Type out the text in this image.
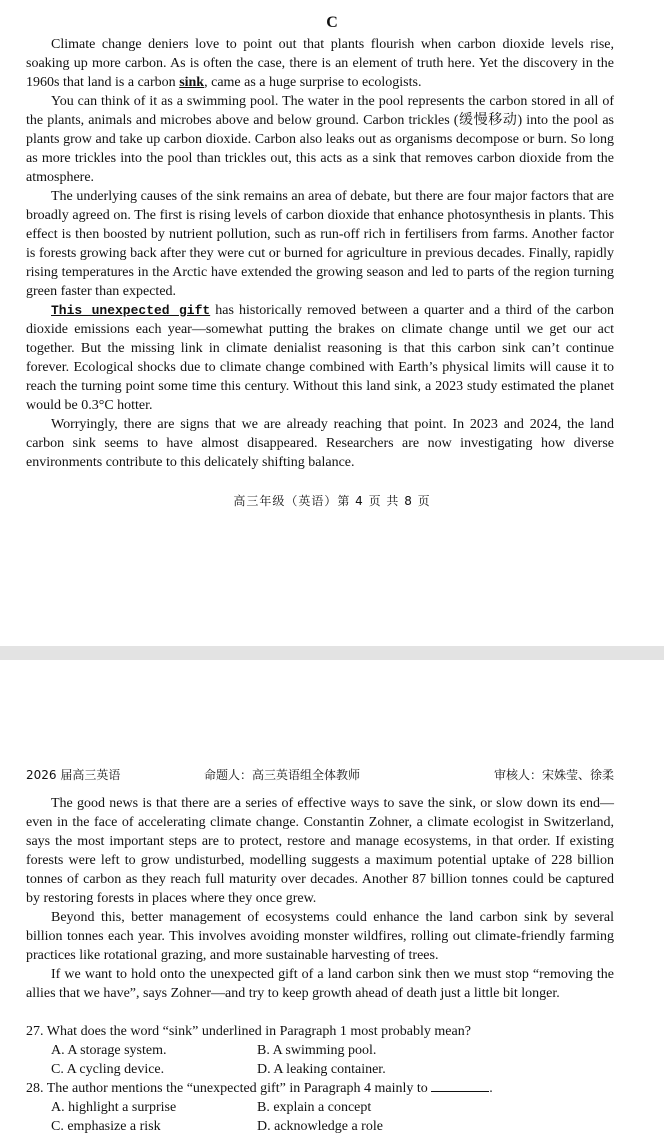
C

Climate change deniers love to point out that plants flourish when carbon dioxide levels rise, soaking up more carbon. As is often the case, there is an element of truth here. Yet the discovery in the 1960s that land is a carbon sink, came as a huge surprise to ecologists.

You can think of it as a swimming pool. The water in the pool represents the carbon stored in all of the plants, animals and microbes above and below ground. Carbon trickles (缓慢移动) into the pool as plants grow and take up carbon dioxide. Carbon also leaks out as organisms decompose or burn. So long as more trickles into the pool than trickles out, this acts as a sink that removes carbon dioxide from the atmosphere.

The underlying causes of the sink remains an area of debate, but there are four major factors that are broadly agreed on. The first is rising levels of carbon dioxide that enhance photosynthesis in plants. This effect is then boosted by nutrient pollution, such as run-off rich in fertilisers from farms. Another factor is forests growing back after they were cut or burned for agriculture in previous decades. Finally, rapidly rising temperatures in the Arctic have extended the growing season and led to parts of the region turning green faster than expected.

This unexpected gift has historically removed between a quarter and a third of the carbon dioxide emissions each year—somewhat putting the brakes on climate change until we get our act together. But the missing link in climate denialist reasoning is that this carbon sink can’t continue forever. Ecological shocks due to climate change combined with Earth’s physical limits will cause it to reach the turning point some time this century. Without this land sink, a 2023 study estimated the planet would be 0.3°C hotter.

Worryingly, there are signs that we are already reaching that point. In 2023 and 2024, the land carbon sink seems to have almost disappeared. Researchers are now investigating how diverse environments contribute to this delicately shifting balance.

高三年级（英语）第 4 页 共 8 页
2026 届高三英语	命题人：高三英语组全体教师	审核人：宋姝莹、徐柔

The good news is that there are a series of effective ways to save the sink, or slow down its end—even in the face of accelerating climate change. Constantin Zohner, a climate ecologist in Switzerland, says the most important steps are to protect, restore and manage ecosystems, in that order. If existing forests were left to grow undisturbed, modelling suggests a maximum potential uptake of 228 billion tonnes of carbon as they reach full maturity over decades. Another 87 billion tonnes could be captured by restoring forests in places where they once grew.

Beyond this, better management of ecosystems could enhance the land carbon sink by several billion tonnes each year. This involves avoiding monster wildfires, rolling out climate-friendly farming practices like rotational grazing, and more sustainable harvesting of trees.

If we want to hold onto the unexpected gift of a land carbon sink then we must stop “removing the allies that we have”, says Zohner—and try to keep growth ahead of death just a little bit longer.

27. What does the word “sink” underlined in Paragraph 1 most probably mean?

A. A storage system.	B. A swimming pool.
C. A cycling device.	D. A leaking container.

28. The author mentions the “unexpected gift” in Paragraph 4 mainly to	.

A. highlight a surprise	B. explain a concept
C. emphasize a risk	D. acknowledge a role
